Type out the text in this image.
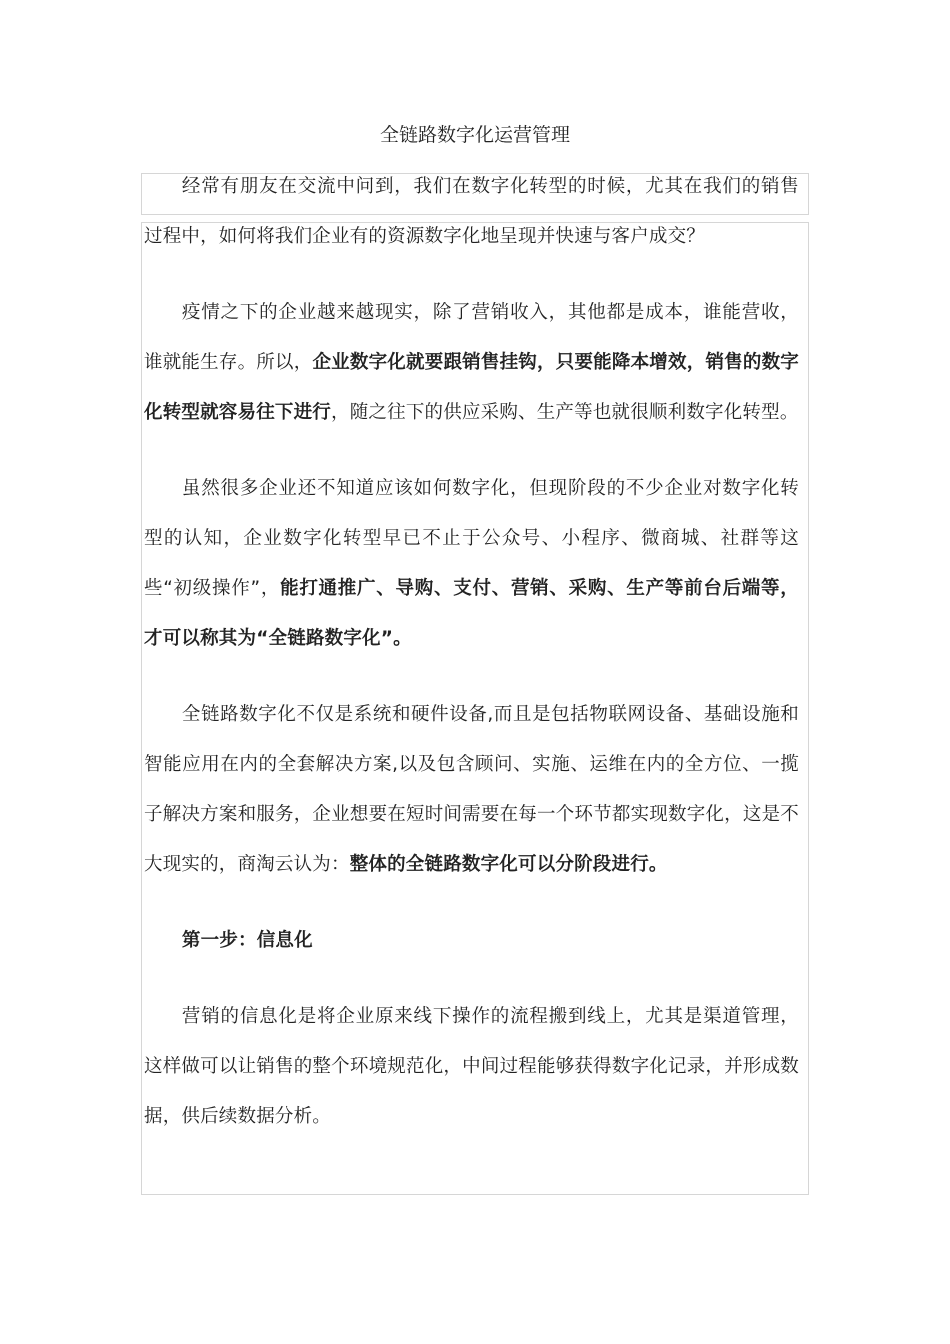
全链路数字化运营管理

经常有朋友在交流中问到，我们在数字化转型的时候，尤其在我们的销售过程中，如何将我们企业有的资源数字化地呈现并快速与客户成交？

疫情之下的企业越来越现实，除了营销收入，其他都是成本，谁能营收，谁就能生存。所以，企业数字化就要跟销售挂钩，只要能降本增效，销售的数字化转型就容易往下进行，随之往下的供应采购、生产等也就很顺利数字化转型。

虽然很多企业还不知道应该如何数字化，但现阶段的不少企业对数字化转型的认知，企业数字化转型早已不止于公众号、小程序、微商城、社群等这些“初级操作”，能打通推广、导购、支付、营销、采购、生产等前台后端等，才可以称其为“全链路数字化”。

全链路数字化不仅是系统和硬件设备,而且是包括物联网设备、基础设施和智能应用在内的全套解决方案,以及包含顾问、实施、运维在内的全方位、一揽子解决方案和服务，企业想要在短时间需要在每一个环节都实现数字化，这是不大现实的，商淘云认为：整体的全链路数字化可以分阶段进行。

第一步：信息化

营销的信息化是将企业原来线下操作的流程搬到线上，尤其是渠道管理，这样做可以让销售的整个环境规范化，中间过程能够获得数字化记录，并形成数据，供后续数据分析。
